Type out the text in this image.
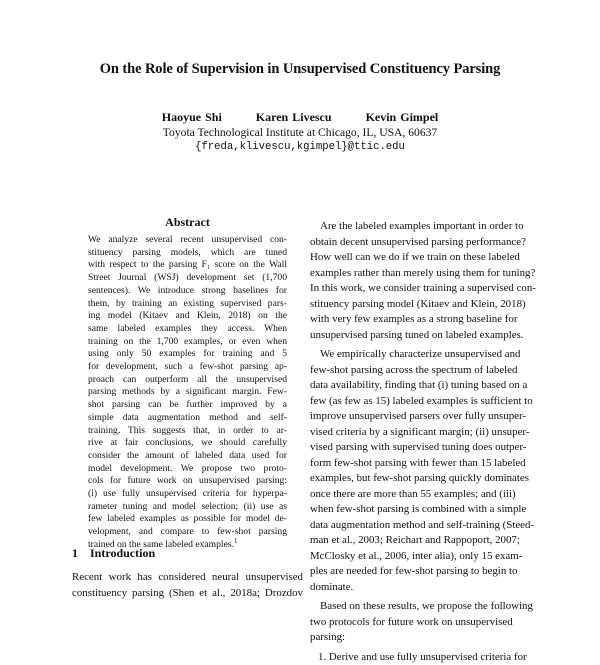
On the Role of Supervision in Unsupervised Constituency Parsing
Haoyue Shi	Karen Livescu	Kevin Gimpel
Toyota Technological Institute at Chicago, IL, USA, 60637
{freda,klivescu,kgimpel}@ttic.edu
Abstract
We analyze several recent unsupervised con-
stituency parsing models, which are tuned
with respect to the parsing F₁ score on the Wall
Street Journal (WSJ) development set (1,700
sentences). We introduce strong baselines for
them, by training an existing supervised pars-
ing model (Kitaev and Klein, 2018) on the
same labeled examples they access. When
training on the 1,700 examples, or even when
using only 50 examples for training and 5
for development, such a few-shot parsing ap-
proach can outperform all the unsupervised
parsing methods by a significant margin. Few-
shot parsing can be further improved by a
simple data augmentation method and self-
training. This suggests that, in order to ar-
rive at fair conclusions, we should carefully
consider the amount of labeled data used for
model development. We propose two proto-
cols for future work on unsupervised parsing:
(i) use fully unsupervised criteria for hyperpa-
rameter tuning and model selection; (ii) use as
few labeled examples as possible for model de-
velopment, and compare to few-shot parsing
trained on the same labeled examples.$^1$
1 Introduction
Recent work has considered neural unsupervised
constituency parsing (Shen et al., 2018a; Drozdov
Are the labeled examples important in order to
obtain decent unsupervised parsing performance?
How well can we do if we train on these labeled
examples rather than merely using them for tuning?
In this work, we consider training a supervised con-
stituency parsing model (Kitaev and Klein, 2018)
with very few examples as a strong baseline for
unsupervised parsing tuned on labeled examples.
We empirically characterize unsupervised and
few-shot parsing across the spectrum of labeled
data availability, finding that (i) tuning based on a
few (as few as 15) labeled examples is sufficient to
improve unsupervised parsers over fully unsuper-
vised criteria by a significant margin; (ii) unsuper-
vised parsing with supervised tuning does outper-
form few-shot parsing with fewer than 15 labeled
examples, but few-shot parsing quickly dominates
once there are more than 55 examples; and (iii)
when few-shot parsing is combined with a simple
data augmentation method and self-training (Steed-
man et al., 2003; Reichart and Rappoport, 2007;
McClosky et al., 2006, inter alia), only 15 exam-
ples are needed for few-shot parsing to begin to
dominate.
Based on these results, we propose the following
two protocols for future work on unsupervised
parsing:
1. Derive and use fully unsupervised criteria for
